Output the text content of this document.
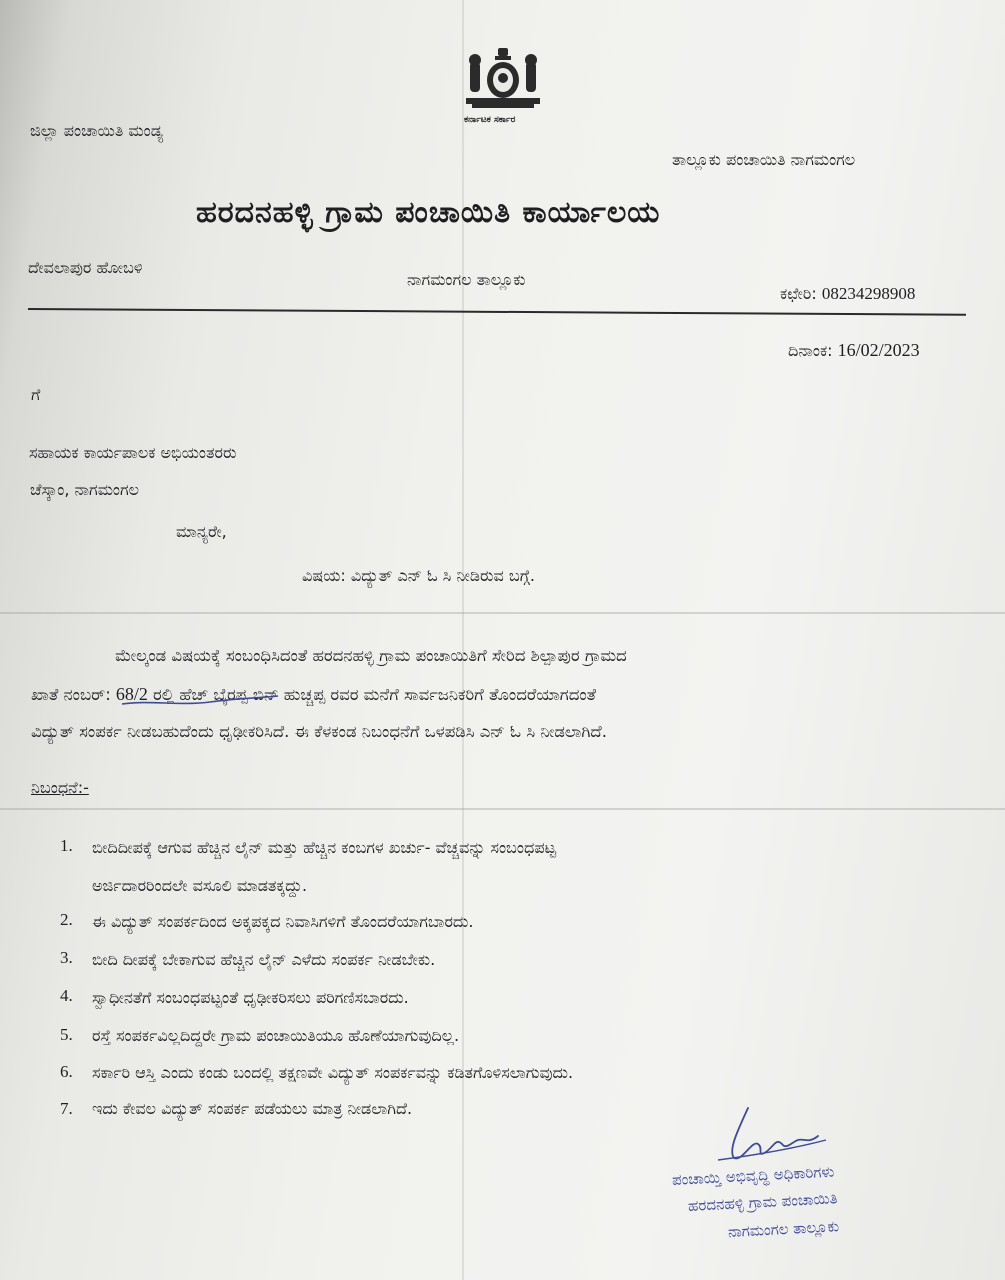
ಕರ್ನಾಟಕ ಸರ್ಕಾರ
ಜಿಲ್ಲಾ ಪಂಚಾಯಿತಿ ಮಂಡ್ಯ
ತಾಲ್ಲೂಕು ಪಂಚಾಯಿತಿ ನಾಗಮಂಗಲ
ಹರದನಹಳ್ಳಿ ಗ್ರಾಮ ಪಂಚಾಯಿತಿ ಕಾರ್ಯಾಲಯ
ದೇವಲಾಪುರ ಹೋಬಳಿ
ನಾಗಮಂಗಲ ತಾಲ್ಲೂಕು
ಕಛೇರಿ: 08234298908
ದಿನಾಂಕ: 16/02/2023
ಗೆ
ಸಹಾಯಕ ಕಾರ್ಯಪಾಲಕ ಅಭಿಯಂತರರು
ಚೆಸ್ಕಾಂ, ನಾಗಮಂಗಲ
ಮಾನ್ಯರೇ,
ವಿಷಯ: ವಿದ್ಯುತ್ ಎನ್ ಓ ಸಿ ನೀಡಿರುವ ಬಗ್ಗೆ.
ಮೇಲ್ಕಂಡ ವಿಷಯಕ್ಕೆ ಸಂಬಂಧಿಸಿದಂತೆ ಹರದನಹಳ್ಳಿ ಗ್ರಾಮ ಪಂಚಾಯಿತಿಗೆ ಸೇರಿದ ಶಿಲ್ಪಾಪುರ ಗ್ರಾಮದ
ಖಾತೆ ನಂಬರ್: 68/2 ರಲ್ಲಿ ಹೆಚ್ ಬೈರಪ್ಪ ಬಿನ್ ಹುಚ್ಚಪ್ಪ ರವರ ಮನೆಗೆ ಸಾರ್ವಜನಿಕರಿಗೆ ತೊಂದರೆಯಾಗದಂತೆ
ವಿದ್ಯುತ್ ಸಂಪರ್ಕ ನೀಡಬಹುದೆಂದು ಧೃಢೀಕರಿಸಿದೆ. ಈ ಕೆಳಕಂಡ ನಿಬಂಧನೆಗೆ ಒಳಪಡಿಸಿ ಎನ್ ಓ ಸಿ ನೀಡಲಾಗಿದೆ.
ನಿಬಂಧನೆ:-
1. ಬೀದಿದೀಪಕ್ಕೆ ಆಗುವ ಹೆಚ್ಚಿನ ಲೈನ್ ಮತ್ತು ಹೆಚ್ಚಿನ ಕಂಬಗಳ ಖರ್ಚು- ವೆಚ್ಚವನ್ನು ಸಂಬಂಧಪಟ್ಟ
ಅರ್ಜಿದಾರರಿಂದಲೇ ವಸೂಲಿ ಮಾಡತಕ್ಕದ್ದು.
2. ಈ ವಿದ್ಯುತ್ ಸಂಪರ್ಕದಿಂದ ಅಕ್ಕಪಕ್ಕದ ನಿವಾಸಿಗಳಿಗೆ ತೊಂದರೆಯಾಗಬಾರದು.
3. ಬೀದಿ ದೀಪಕ್ಕೆ ಬೇಕಾಗುವ ಹೆಚ್ಚಿನ ಲೈನ್ ಎಳೆದು ಸಂಪರ್ಕ ನೀಡಬೇಕು.
4. ಸ್ವಾಧೀನತೆಗೆ ಸಂಬಂಧಪಟ್ಟಂತೆ ಧೃಢೀಕರಿಸಲು ಪರಿಗಣಿಸಬಾರದು.
5. ರಸ್ತೆ ಸಂಪರ್ಕವಿಲ್ಲದಿದ್ದರೇ ಗ್ರಾಮ ಪಂಚಾಯಿತಿಯೂ ಹೊಣೆಯಾಗುವುದಿಲ್ಲ.
6. ಸರ್ಕಾರಿ ಆಸ್ತಿ ಎಂದು ಕಂಡು ಬಂದಲ್ಲಿ ತಕ್ಷಣವೇ ವಿದ್ಯುತ್ ಸಂಪರ್ಕವನ್ನು ಕಡಿತಗೊಳಿಸಲಾಗುವುದು.
7. ಇದು ಕೇವಲ ವಿದ್ಯುತ್ ಸಂಪರ್ಕ ಪಡೆಯಲು ಮಾತ್ರ ನೀಡಲಾಗಿದೆ.
ಪಂಚಾಯ್ತಿ ಅಭಿವೃದ್ಧಿ ಅಧಿಕಾರಿಗಳು
ಹರದನಹಳ್ಳಿ ಗ್ರಾಮ ಪಂಚಾಯಿತಿ
ನಾಗಮಂಗಲ ತಾಲ್ಲೂಕು
